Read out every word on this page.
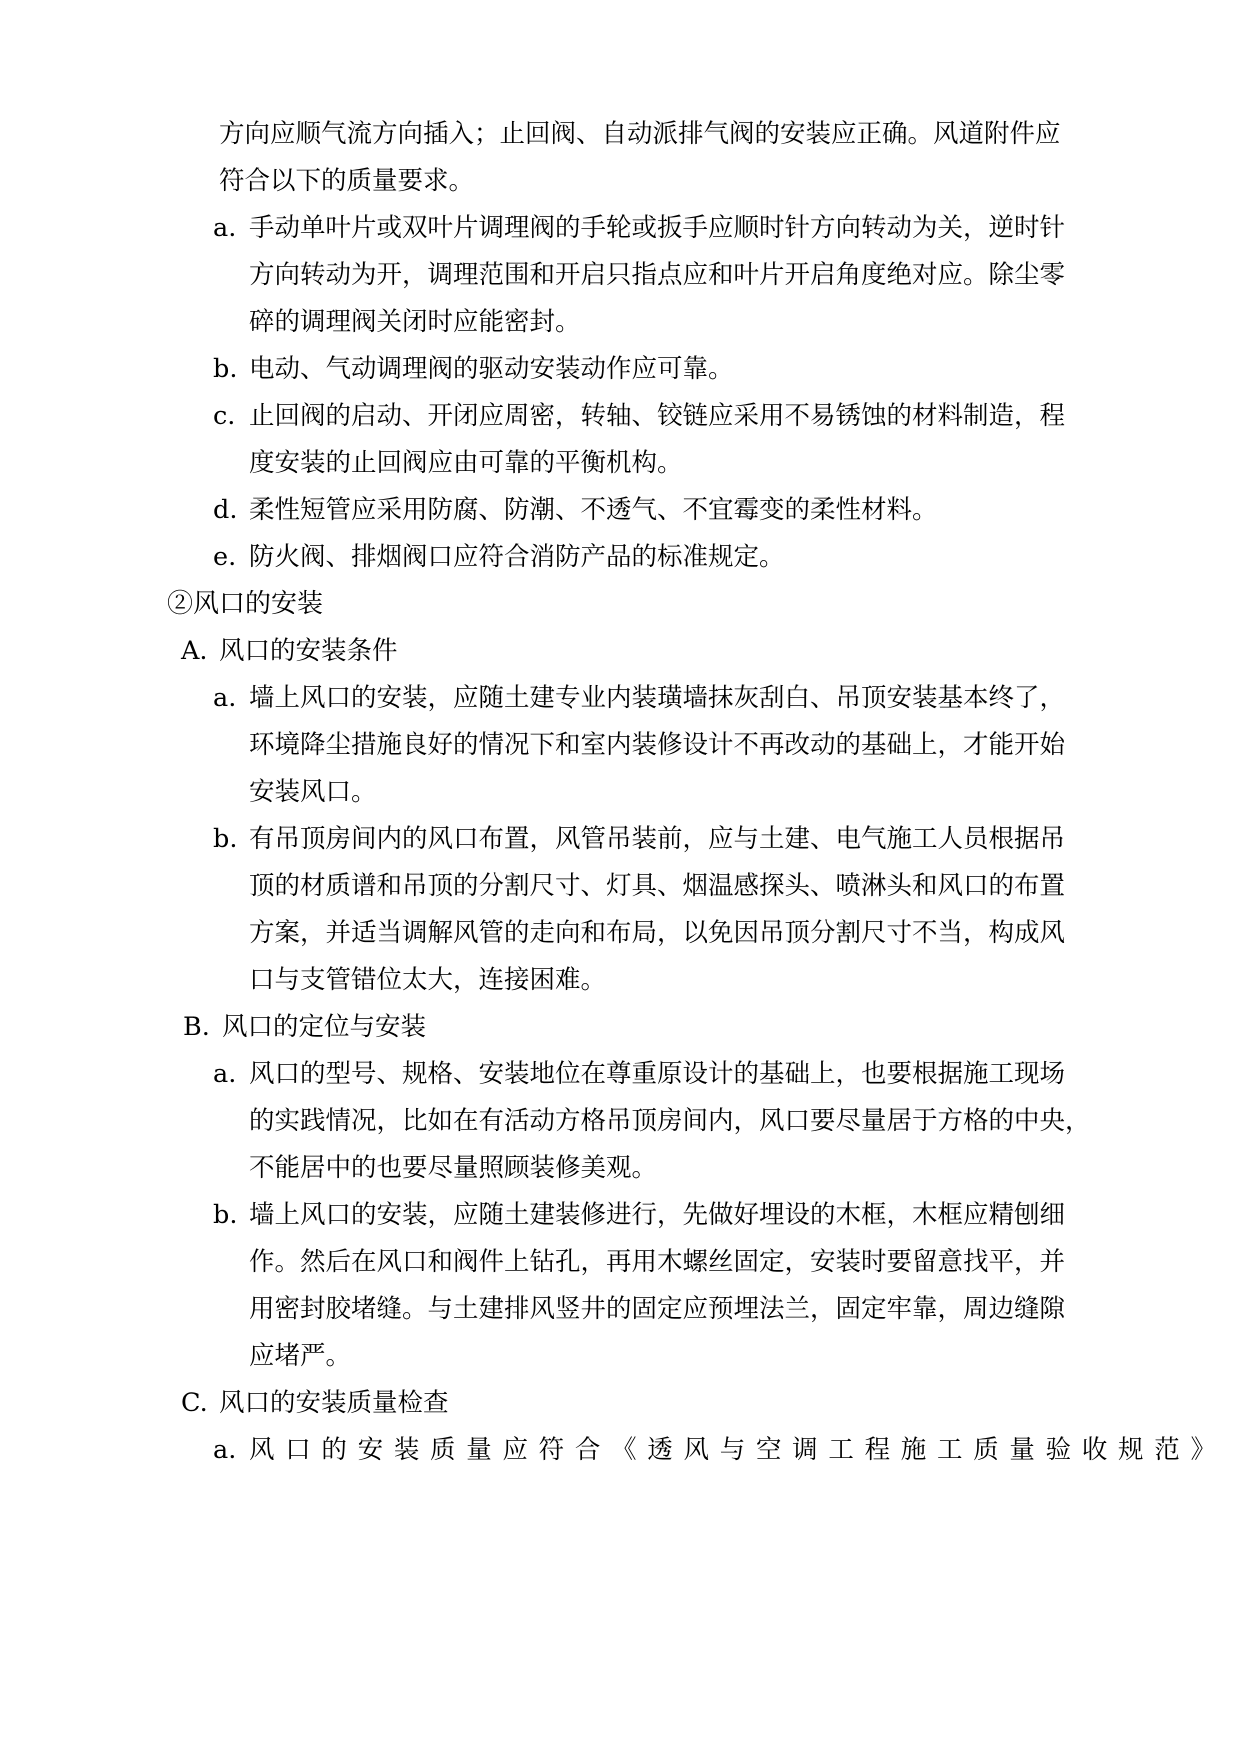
方向应顺气流方向插入；止回阀、自动派排气阀的安装应正确。风道附件应
符合以下的质量要求。
a. 手动单叶片或双叶片调理阀的手轮或扳手应顺时针方向转动为关，逆时针
方向转动为开，调理范围和开启只指点应和叶片开启角度绝对应。除尘零
碎的调理阀关闭时应能密封。
b. 电动、气动调理阀的驱动安装动作应可靠。
c. 止回阀的启动、开闭应周密，转轴、铰链应采用不易锈蚀的材料制造，程
度安装的止回阀应由可靠的平衡机构。
d. 柔性短管应采用防腐、防潮、不透气、不宜霉变的柔性材料。
e. 防火阀、排烟阀口应符合消防产品的标准规定。
②风口的安装
A. 风口的安装条件
a. 墙上风口的安装，应随土建专业内装璜墙抹灰刮白、吊顶安装基本终了，
环境降尘措施良好的情况下和室内装修设计不再改动的基础上，才能开始
安装风口。
b. 有吊顶房间内的风口布置，风管吊装前，应与土建、电气施工人员根据吊
顶的材质谱和吊顶的分割尺寸、灯具、烟温感探头、喷淋头和风口的布置
方案，并适当调解风管的走向和布局，以免因吊顶分割尺寸不当，构成风
口与支管错位太大，连接困难。
B. 风口的定位与安装
a. 风口的型号、规格、安装地位在尊重原设计的基础上，也要根据施工现场
的实践情况，比如在有活动方格吊顶房间内，风口要尽量居于方格的中央，
不能居中的也要尽量照顾装修美观。
b. 墙上风口的安装，应随土建装修进行，先做好埋设的木框，木框应精刨细
作。然后在风口和阀件上钻孔，再用木螺丝固定，安装时要留意找平，并
用密封胶堵缝。与土建排风竖井的固定应预埋法兰，固定牢靠，周边缝隙
应堵严。
C. 风口的安装质量检查
a. 风口的安装质量应符合《透风与空调工程施工质量验收规范》
